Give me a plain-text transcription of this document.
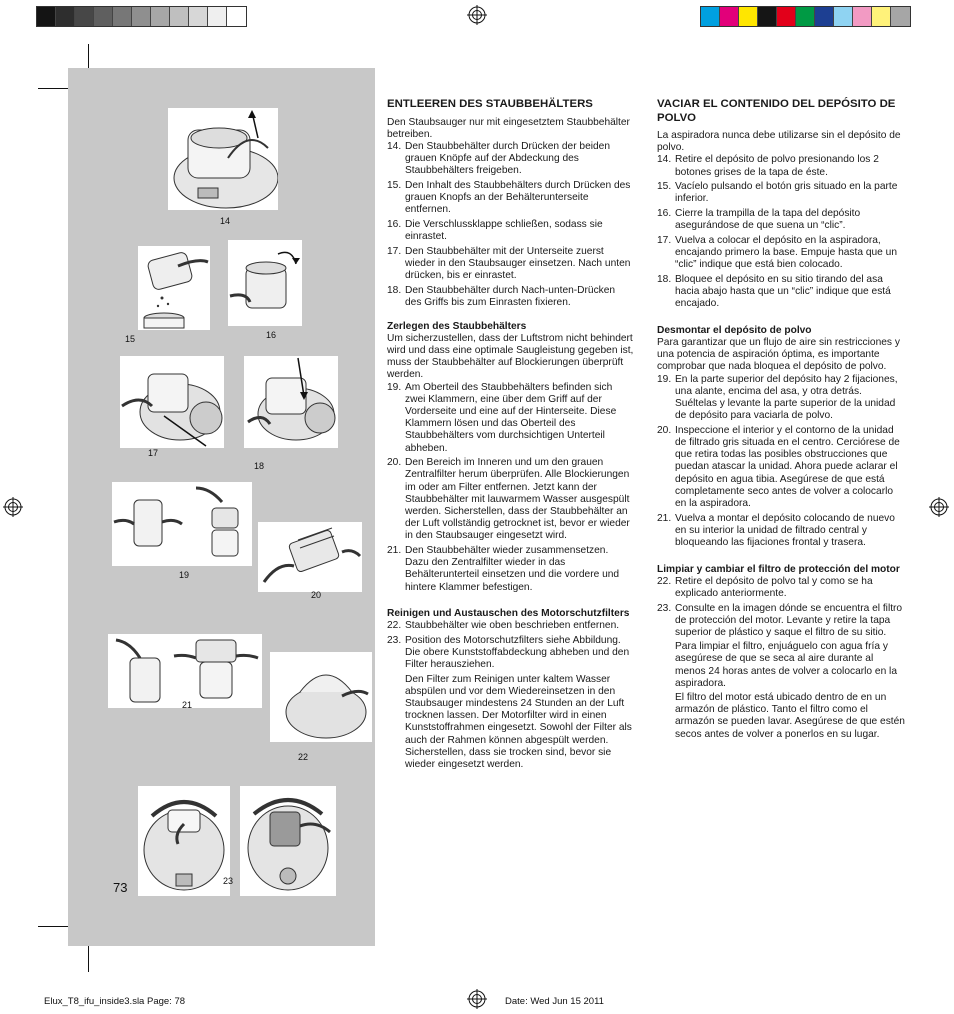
14
15	16
17
18
19
20
21
22
23
73
ENTLEEREN DES STAUBBEHÄLTERS

Den Staubsauger nur mit eingesetztem Staubbehälter betreiben.

14. Den Staubbehälter durch Drücken der beiden grauen Knöpfe auf der Abdeckung des Staubbehälters freigeben.
15. Den Inhalt des Staubbehälters durch Drücken des grauen Knopfs an der Behälterunterseite entfernen.
16. Die Verschlussklappe schließen, sodass sie einrastet.
17. Den Staubbehälter mit der Unterseite zuerst wieder in den Staubsauger einsetzen. Nach unten drücken, bis er einrastet.
18. Den Staubbehälter durch Nach-unten-Drücken des Griffs bis zum Einrasten fixieren.
Zerlegen des Staubbehälters

Um sicherzustellen, dass der Luftstrom nicht behindert wird und dass eine optimale Saugleistung gegeben ist, muss der Staubbehälter auf Blockierungen überprüft werden.

19. Am Oberteil des Staubbehälters befinden sich zwei Klammern, eine über dem Griff auf der Vorderseite und eine auf der Hinterseite. Diese Klammern lösen und das Oberteil des Staubbehälters vom durchsichtigen Unterteil abheben.
20. Den Bereich im Inneren und um den grauen Zentralfilter herum überprüfen. Alle Blockierungen im oder am Filter entfernen. Jetzt kann der Staubbehälter mit lauwarmem Wasser ausgespült werden. Sicherstellen, dass der Staubbehälter an der Luft vollständig getrocknet ist, bevor er wieder in den Staubsauger eingesetzt wird.
21. Den Staubbehälter wieder zusammensetzen. Dazu den Zentralfilter wieder in das Behälterunterteil einsetzen und die vordere und hintere Klammer befestigen.
Reinigen und Austauschen des Motorschutzfilters
22. Staubbehälter wie oben beschrieben entfernen.
23. Position des Motorschutzfilters siehe Abbildung. Die obere Kunststoffabdeckung abheben und den Filter herausziehen.
Den Filter zum Reinigen unter kaltem Wasser abspülen und vor dem Wiedereinsetzen in den Staubsauger mindestens 24 Stunden an der Luft trocknen lassen. Der Motorfilter wird in einen Kunststoffrahmen eingesetzt. Sowohl der Filter als auch der Rahmen können abgespült werden. Sicherstellen, dass sie trocken sind, bevor sie wieder eingesetzt werden.
VACIAR EL CONTENIDO DEL DEPÓSITO DE POLVO

La aspiradora nunca debe utilizarse sin el depósito de polvo.

14. Retire el depósito de polvo presionando los 2 botones grises de la tapa de éste.
15. Vacíelo pulsando el botón gris situado en la parte inferior.
16. Cierre la trampilla de la tapa del depósito asegurándose de que suena un “clic”.
17. Vuelva a colocar el depósito en la aspiradora, encajando primero la base. Empuje hasta que un “clic” indique que está bien colocado.
18. Bloquee el depósito en su sitio tirando del asa hacia abajo hasta que un “clic” indique que está encajado.
Desmontar el depósito de polvo

Para garantizar que un flujo de aire sin restricciones y una potencia de aspiración óptima, es importante comprobar que nada bloquea el depósito de polvo.

19. En la parte superior del depósito hay 2 fijaciones, una alante, encima del asa, y otra detrás. Suéltelas y levante la parte superior de la unidad de depósito para vaciarla de polvo.
20. Inspeccione el interior y el contorno de la unidad de filtrado gris situada en el centro. Cerciórese de que retira todas las posibles obstrucciones que puedan atascar la unidad. Ahora puede aclarar el depósito en agua tibia. Asegúrese de que está completamente seco antes de volver a colocarlo en la aspiradora.
21. Vuelva a montar el depósito colocando de nuevo en su interior la unidad de filtrado central y bloqueando las fijaciones frontal y trasera.
Limpiar y cambiar el filtro de protección del motor
22. Retire el depósito de polvo tal y como se ha explicado anteriormente.
23. Consulte en la imagen dónde se encuentra el filtro de protección del motor. Levante y retire la tapa superior de plástico y saque el filtro de su sitio.
Para limpiar el filtro, enjuáguelo con agua fría y asegúrese de que se seca al aire durante al menos 24 horas antes de volver a colocarlo en la aspiradora.
El filtro del motor está ubicado dentro de en un armazón de plástico. Tanto el filtro como el armazón se pueden lavar. Asegúrese de que estén secos antes de volver a ponerlos en su lugar.
Elux_T8_ifu_inside3.sla Page: 78	Date: Wed Jun 15 2011
